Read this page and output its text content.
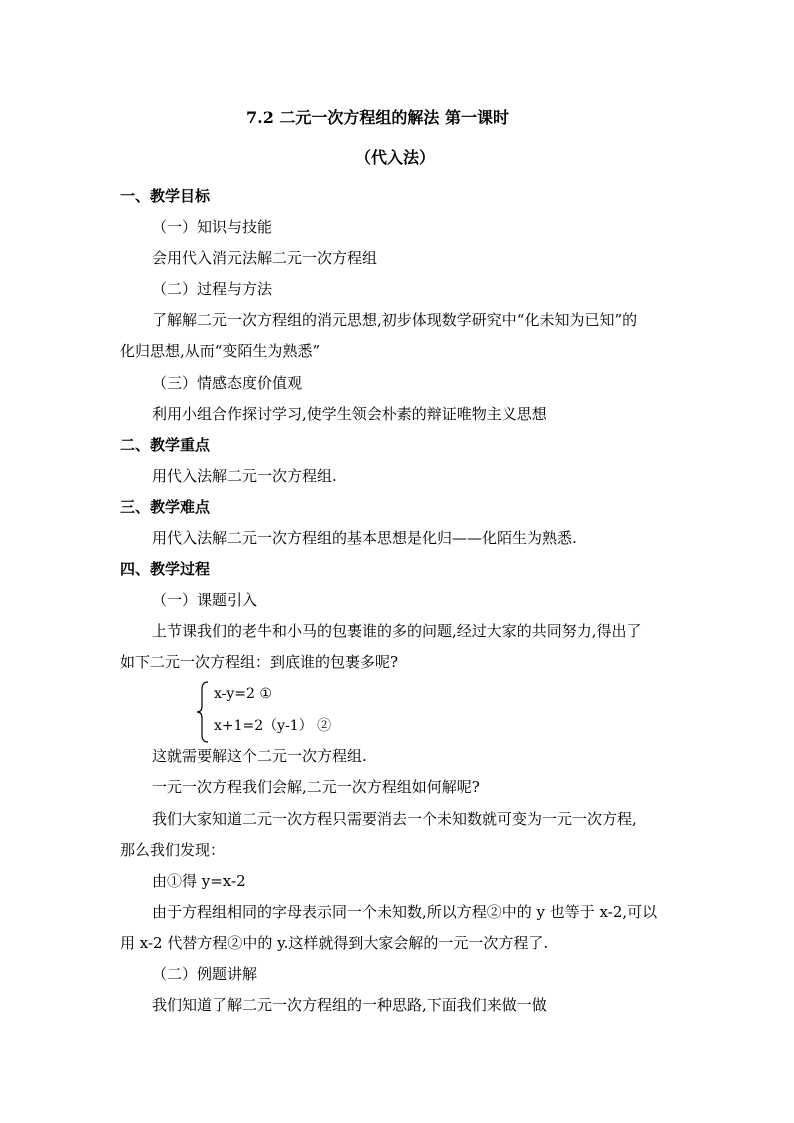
7.2 二元一次方程组的解法 第一课时
（代入法）
一、教学目标
（一）知识与技能
会用代入消元法解二元一次方程组
（二）过程与方法
了解解二元一次方程组的消元思想,初步体现数学研究中“化未知为已知”的
化归思想,从而“变陌生为熟悉”
（三）情感态度价值观
利用小组合作探讨学习,使学生领会朴素的辩证唯物主义思想
二、教学重点
用代入法解二元一次方程组.
三、教学难点
用代入法解二元一次方程组的基本思想是化归——化陌生为熟悉.
四、教学过程
（一）课题引入
上节课我们的老牛和小马的包裹谁的多的问题,经过大家的共同努力,得出了
如下二元一次方程组：到底谁的包裹多呢?
x-y=2 ①
x+1=2（y-1） ②
这就需要解这个二元一次方程组.
一元一次方程我们会解,二元一次方程组如何解呢?
我们大家知道二元一次方程只需要消去一个未知数就可变为一元一次方程,
那么我们发现：
由①得 y=x-2
由于方程组相同的字母表示同一个未知数,所以方程②中的 y 也等于 x-2,可以
用 x-2 代替方程②中的 y.这样就得到大家会解的一元一次方程了.
（二）例题讲解
我们知道了解二元一次方程组的一种思路,下面我们来做一做
